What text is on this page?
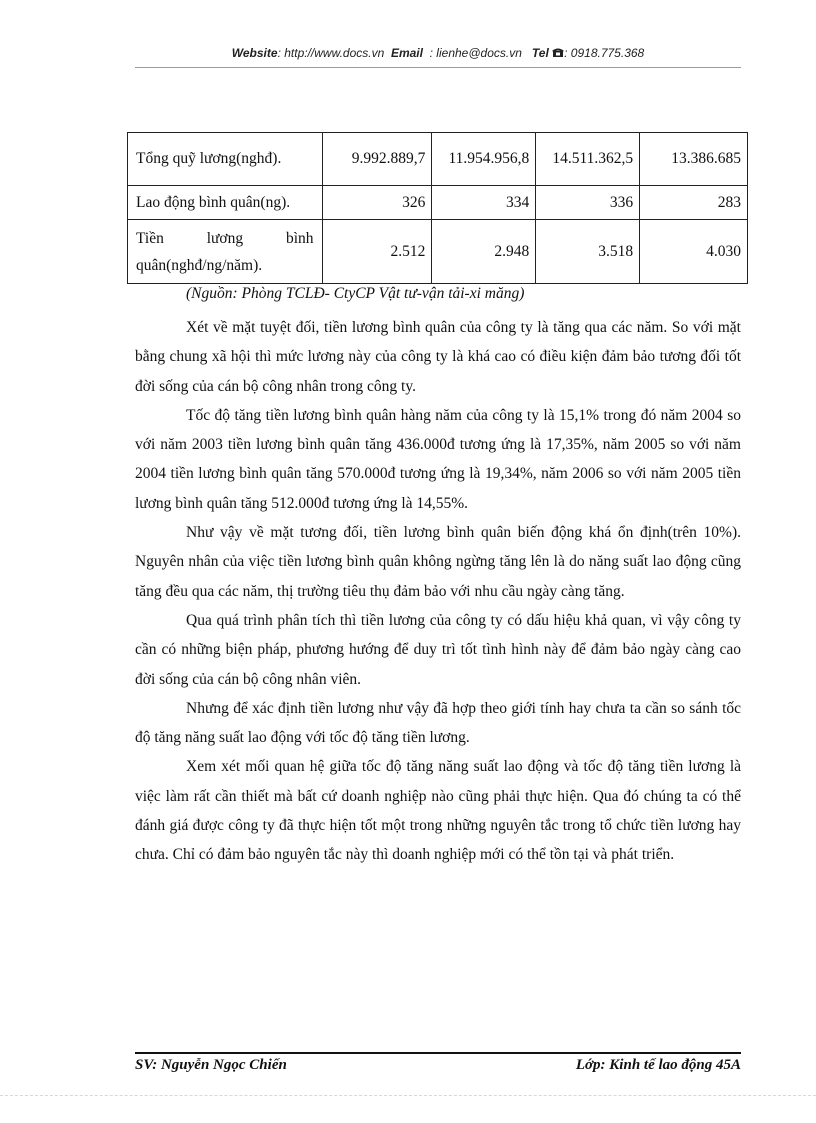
Website: http://www.docs.vn Email : lienhe@docs.vn Tel : 0918.775.368
Tổng quỹ lương(nghđ).	9.992.889,7	11.954.956,8	14.511.362,5	13.386.685
Lao động bình quân(ng).	326	334	336	283

Tiền lương bình
quân(nghđ/ng/năm).	2.512	2.948	3.518	4.030
(Nguồn: Phòng TCLĐ- CtyCP Vật tư-vận tải-xi măng)

Xét về mặt tuyệt đối, tiền lương bình quân của công ty là tăng qua các năm. So với mặt bằng chung xã hội thì mức lương này của công ty là khá cao có điều kiện đảm bảo tương đối tốt đời sống của cán bộ công nhân trong công ty.

Tốc độ tăng tiền lương bình quân hàng năm của công ty là 15,1% trong đó năm 2004 so với năm 2003 tiền lương bình quân tăng 436.000đ tương ứng là 17,35%, năm 2005 so với năm 2004 tiền lương bình quân tăng 570.000đ tương ứng là 19,34%, năm 2006 so với năm 2005 tiền lương bình quân tăng 512.000đ tương ứng là 14,55%.

Như vậy về mặt tương đối, tiền lương bình quân biến động khá ổn định(trên 10%). Nguyên nhân của việc tiền lương bình quân không ngừng tăng lên là do năng suất lao động cũng tăng đều qua các năm, thị trường tiêu thụ đảm bảo với nhu cầu ngày càng tăng.

Qua quá trình phân tích thì tiền lương của công ty có dấu hiệu khả quan, vì vậy công ty cần có những biện pháp, phương hướng để duy trì tốt tình hình này để đảm bảo ngày càng cao đời sống của cán bộ công nhân viên.

Nhưng để xác định tiền lương như vậy đã hợp theo giới tính hay chưa ta cần so sánh tốc độ tăng năng suất lao động với tốc độ tăng tiền lương.

Xem xét mối quan hệ giữa tốc độ tăng năng suất lao động và tốc độ tăng tiền lương là việc làm rất cần thiết mà bất cứ doanh nghiệp nào cũng phải thực hiện. Qua đó chúng ta có thể đánh giá được công ty đã thực hiện tốt một trong những nguyên tắc trong tổ chức tiền lương hay chưa. Chỉ có đảm bảo nguyên tắc này thì doanh nghiệp mới có thể tồn tại và phát triển.

SV: Nguyễn Ngọc Chiến	Lớp: Kinh tế lao động 45A
